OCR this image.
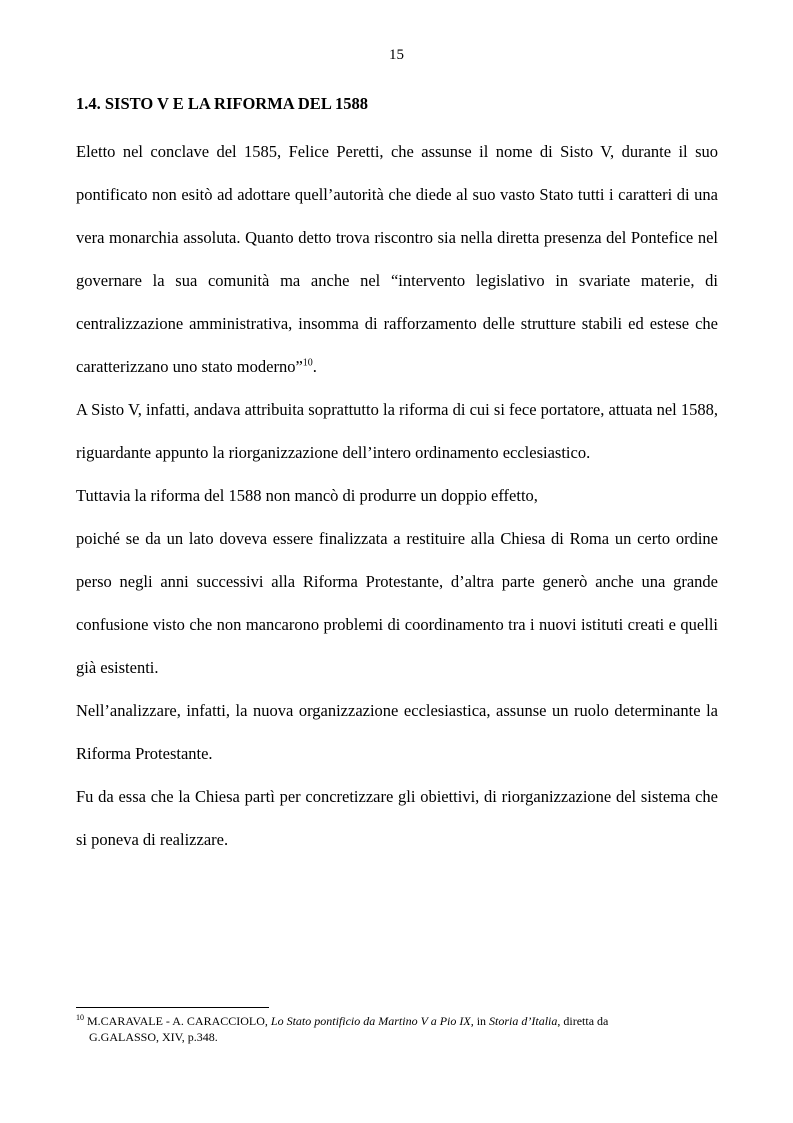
15
1.4. SISTO V E LA RIFORMA DEL 1588

Eletto nel conclave del 1585, Felice Peretti, che assunse il nome di Sisto V, durante il suo pontificato non esitò ad adottare quell’autorità che diede al suo vasto Stato tutti i caratteri di una vera monarchia assoluta. Quanto detto trova riscontro sia nella diretta presenza del Pontefice nel governare la sua comunità ma anche nel “intervento legislativo in svariate materie, di centralizzazione amministrativa, insomma di rafforzamento delle strutture stabili ed estese che caratterizzano uno stato moderno”$^{10}$.

A Sisto V, infatti, andava attribuita soprattutto la riforma di cui si fece portatore, attuata nel 1588, riguardante appunto la riorganizzazione dell’intero ordinamento ecclesiastico.

Tuttavia la riforma del 1588 non mancò di produrre un doppio effetto,

poiché se da un lato doveva essere finalizzata a restituire alla Chiesa di Roma un certo ordine perso negli anni successivi alla Riforma Protestante, d’altra parte generò anche una grande confusione visto che non mancarono problemi di coordinamento tra i nuovi istituti creati e quelli già esistenti.

Nell’analizzare, infatti, la nuova organizzazione ecclesiastica, assunse un ruolo determinante la Riforma Protestante.

Fu da essa che la Chiesa partì per concretizzare gli obiettivi, di riorganizzazione del sistema che si poneva di realizzare.

$^{10}$ M.CARAVALE - A. CARACCIOLO, Lo Stato pontificio da Martino V a Pio IX, in Storia d’Italia, diretta da
G.GALASSO, XIV, p.348.
